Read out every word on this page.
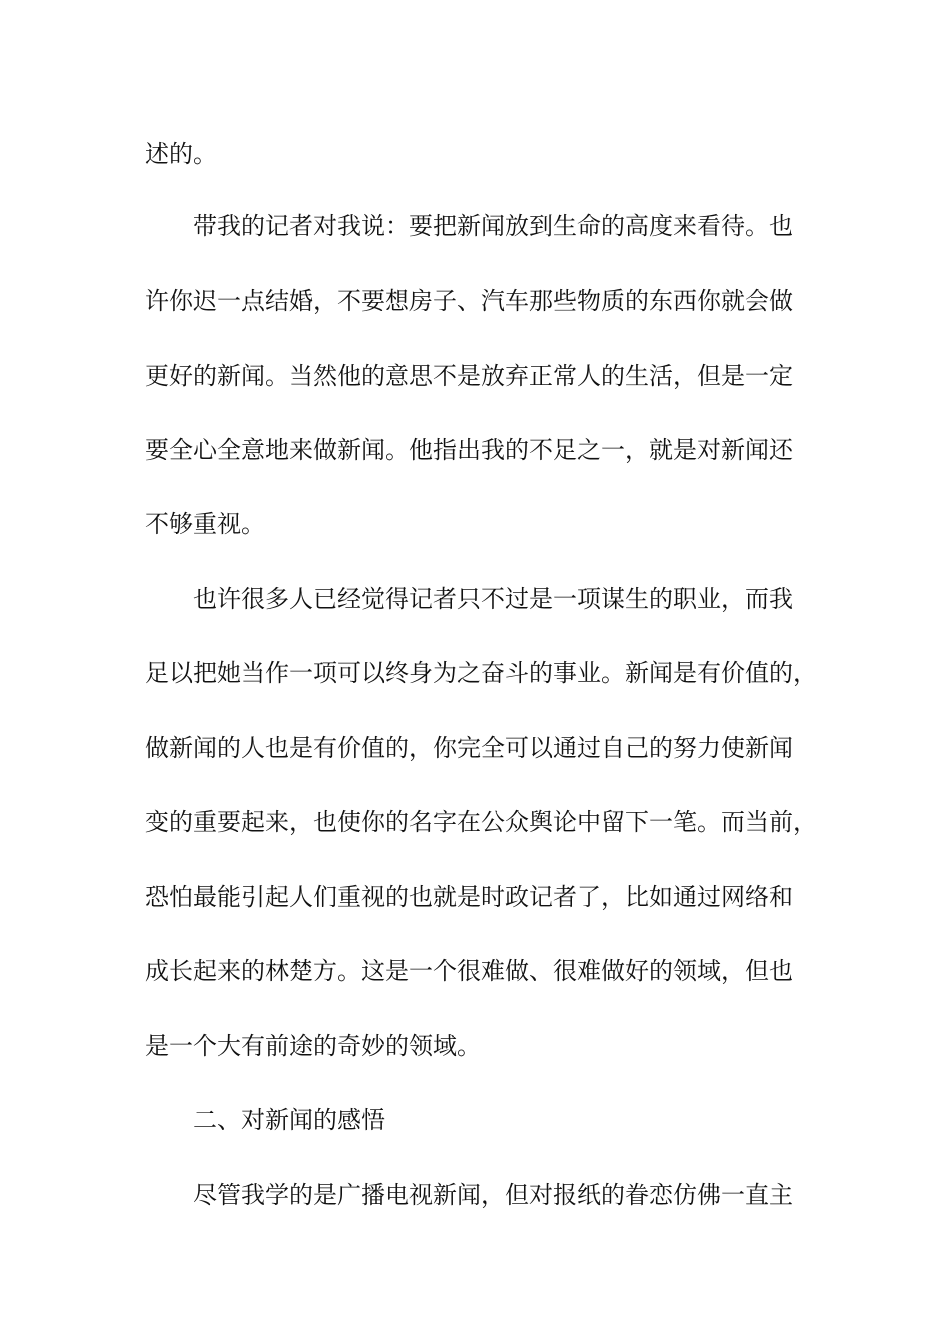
述的。
带我的记者对我说：要把新闻放到生命的高度来看待。也
许你迟一点结婚，不要想房子、汽车那些物质的东西你就会做
更好的新闻。当然他的意思不是放弃正常人的生活，但是一定
要全心全意地来做新闻。他指出我的不足之一，就是对新闻还
不够重视。
也许很多人已经觉得记者只不过是一项谋生的职业，而我
足以把她当作一项可以终身为之奋斗的事业。新闻是有价值的，
做新闻的人也是有价值的，你完全可以通过自己的努力使新闻
变的重要起来，也使你的名字在公众舆论中留下一笔。而当前，
恐怕最能引起人们重视的也就是时政记者了，比如通过网络和
成长起来的林楚方。这是一个很难做、很难做好的领域，但也
是一个大有前途的奇妙的领域。
二、对新闻的感悟
尽管我学的是广播电视新闻，但对报纸的眷恋仿佛一直主
